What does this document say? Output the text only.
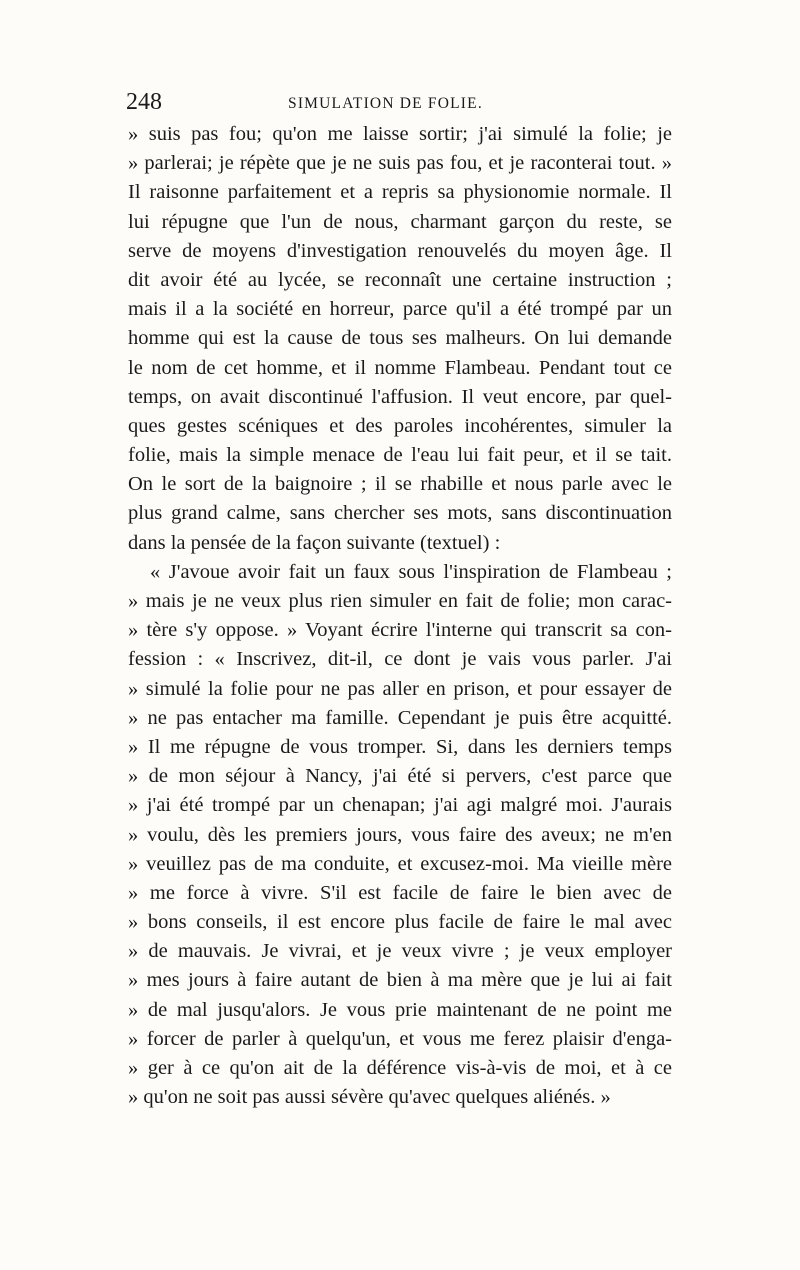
248	SIMULATION DE FOLIE.
» suis pas fou; qu'on me laisse sortir; j'ai simulé la folie; je
» parlerai; je répète que je ne suis pas fou, et je raconterai tout. »
Il raisonne parfaitement et a repris sa physionomie normale. Il
lui répugne que l'un de nous, charmant garçon du reste, se
serve de moyens d'investigation renouvelés du moyen âge. Il
dit avoir été au lycée, se reconnaît une certaine instruction ;
mais il a la société en horreur, parce qu'il a été trompé par un
homme qui est la cause de tous ses malheurs. On lui demande
le nom de cet homme, et il nomme Flambeau. Pendant tout ce
temps, on avait discontinué l'affusion. Il veut encore, par quel-
ques gestes scéniques et des paroles incohérentes, simuler la
folie, mais la simple menace de l'eau lui fait peur, et il se tait.
On le sort de la baignoire ; il se rhabille et nous parle avec le
plus grand calme, sans chercher ses mots, sans discontinuation
dans la pensée de la façon suivante (textuel) :
« J'avoue avoir fait un faux sous l'inspiration de Flambeau ;
» mais je ne veux plus rien simuler en fait de folie; mon carac-
» tère s'y oppose. » Voyant écrire l'interne qui transcrit sa con-
fession : « Inscrivez, dit-il, ce dont je vais vous parler. J'ai
» simulé la folie pour ne pas aller en prison, et pour essayer de
» ne pas entacher ma famille. Cependant je puis être acquitté.
» Il me répugne de vous tromper. Si, dans les derniers temps
» de mon séjour à Nancy, j'ai été si pervers, c'est parce que
» j'ai été trompé par un chenapan; j'ai agi malgré moi. J'aurais
» voulu, dès les premiers jours, vous faire des aveux; ne m'en
» veuillez pas de ma conduite, et excusez-moi. Ma vieille mère
» me force à vivre. S'il est facile de faire le bien avec de
» bons conseils, il est encore plus facile de faire le mal avec
» de mauvais. Je vivrai, et je veux vivre ; je veux employer
» mes jours à faire autant de bien à ma mère que je lui ai fait
» de mal jusqu'alors. Je vous prie maintenant de ne point me
» forcer de parler à quelqu'un, et vous me ferez plaisir d'enga-
» ger à ce qu'on ait de la déférence vis-à-vis de moi, et à ce
» qu'on ne soit pas aussi sévère qu'avec quelques aliénés. »
